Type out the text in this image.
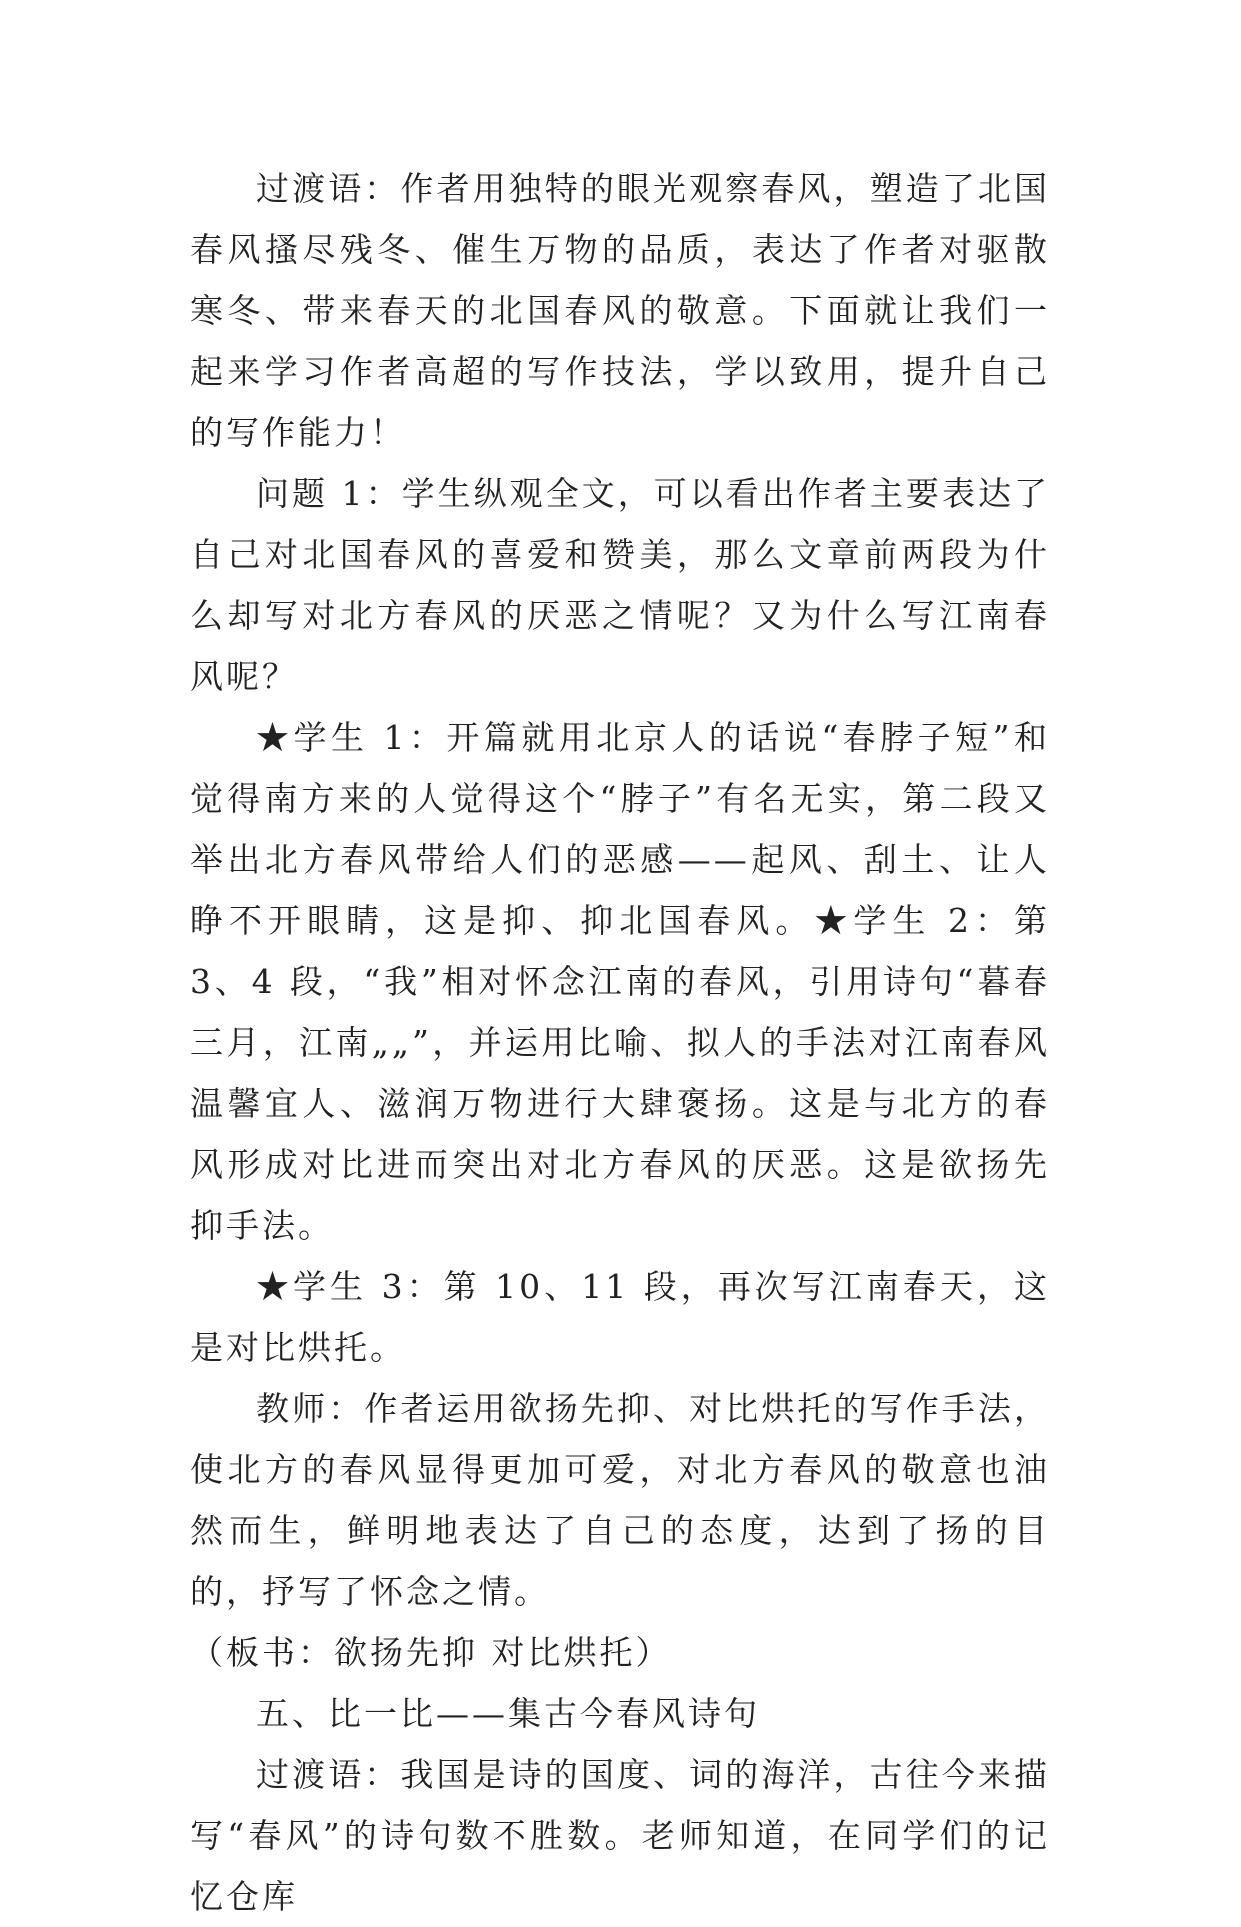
过渡语：作者用独特的眼光观察春风，塑造了北国春风搔尽残冬、催生万物的品质，表达了作者对驱散寒冬、带来春天的北国春风的敬意。下面就让我们一起来学习作者高超的写作技法，学以致用，提升自己的写作能力！

问题 1：学生纵观全文，可以看出作者主要表达了自己对北国春风的喜爱和赞美，那么文章前两段为什么却写对北方春风的厌恶之情呢？又为什么写江南春风呢？

★学生 1：开篇就用北京人的话说“春脖子短”和觉得南方来的人觉得这个“脖子”有名无实，第二段又举出北方春风带给人们的恶感——起风、刮土、让人睁不开眼睛，这是抑、抑北国春风。★学生 2：第 3、4 段，“我”相对怀念江南的春风，引用诗句“暮春三月，江南„„”，并运用比喻、拟人的手法对江南春风温馨宜人、滋润万物进行大肆褒扬。这是与北方的春风形成对比进而突出对北方春风的厌恶。这是欲扬先抑手法。

★学生 3：第 10、11 段，再次写江南春天，这是对比烘托。

教师：作者运用欲扬先抑、对比烘托的写作手法，使北方的春风显得更加可爱，对北方春风的敬意也油然而生，鲜明地表达了自己的态度，达到了扬的目的，抒写了怀念之情。

（板书：欲扬先抑 对比烘托）

五、比一比——集古今春风诗句

过渡语：我国是诗的国度、词的海洋，古往今来描写“春风”的诗句数不胜数。老师知道，在同学们的记忆仓库
